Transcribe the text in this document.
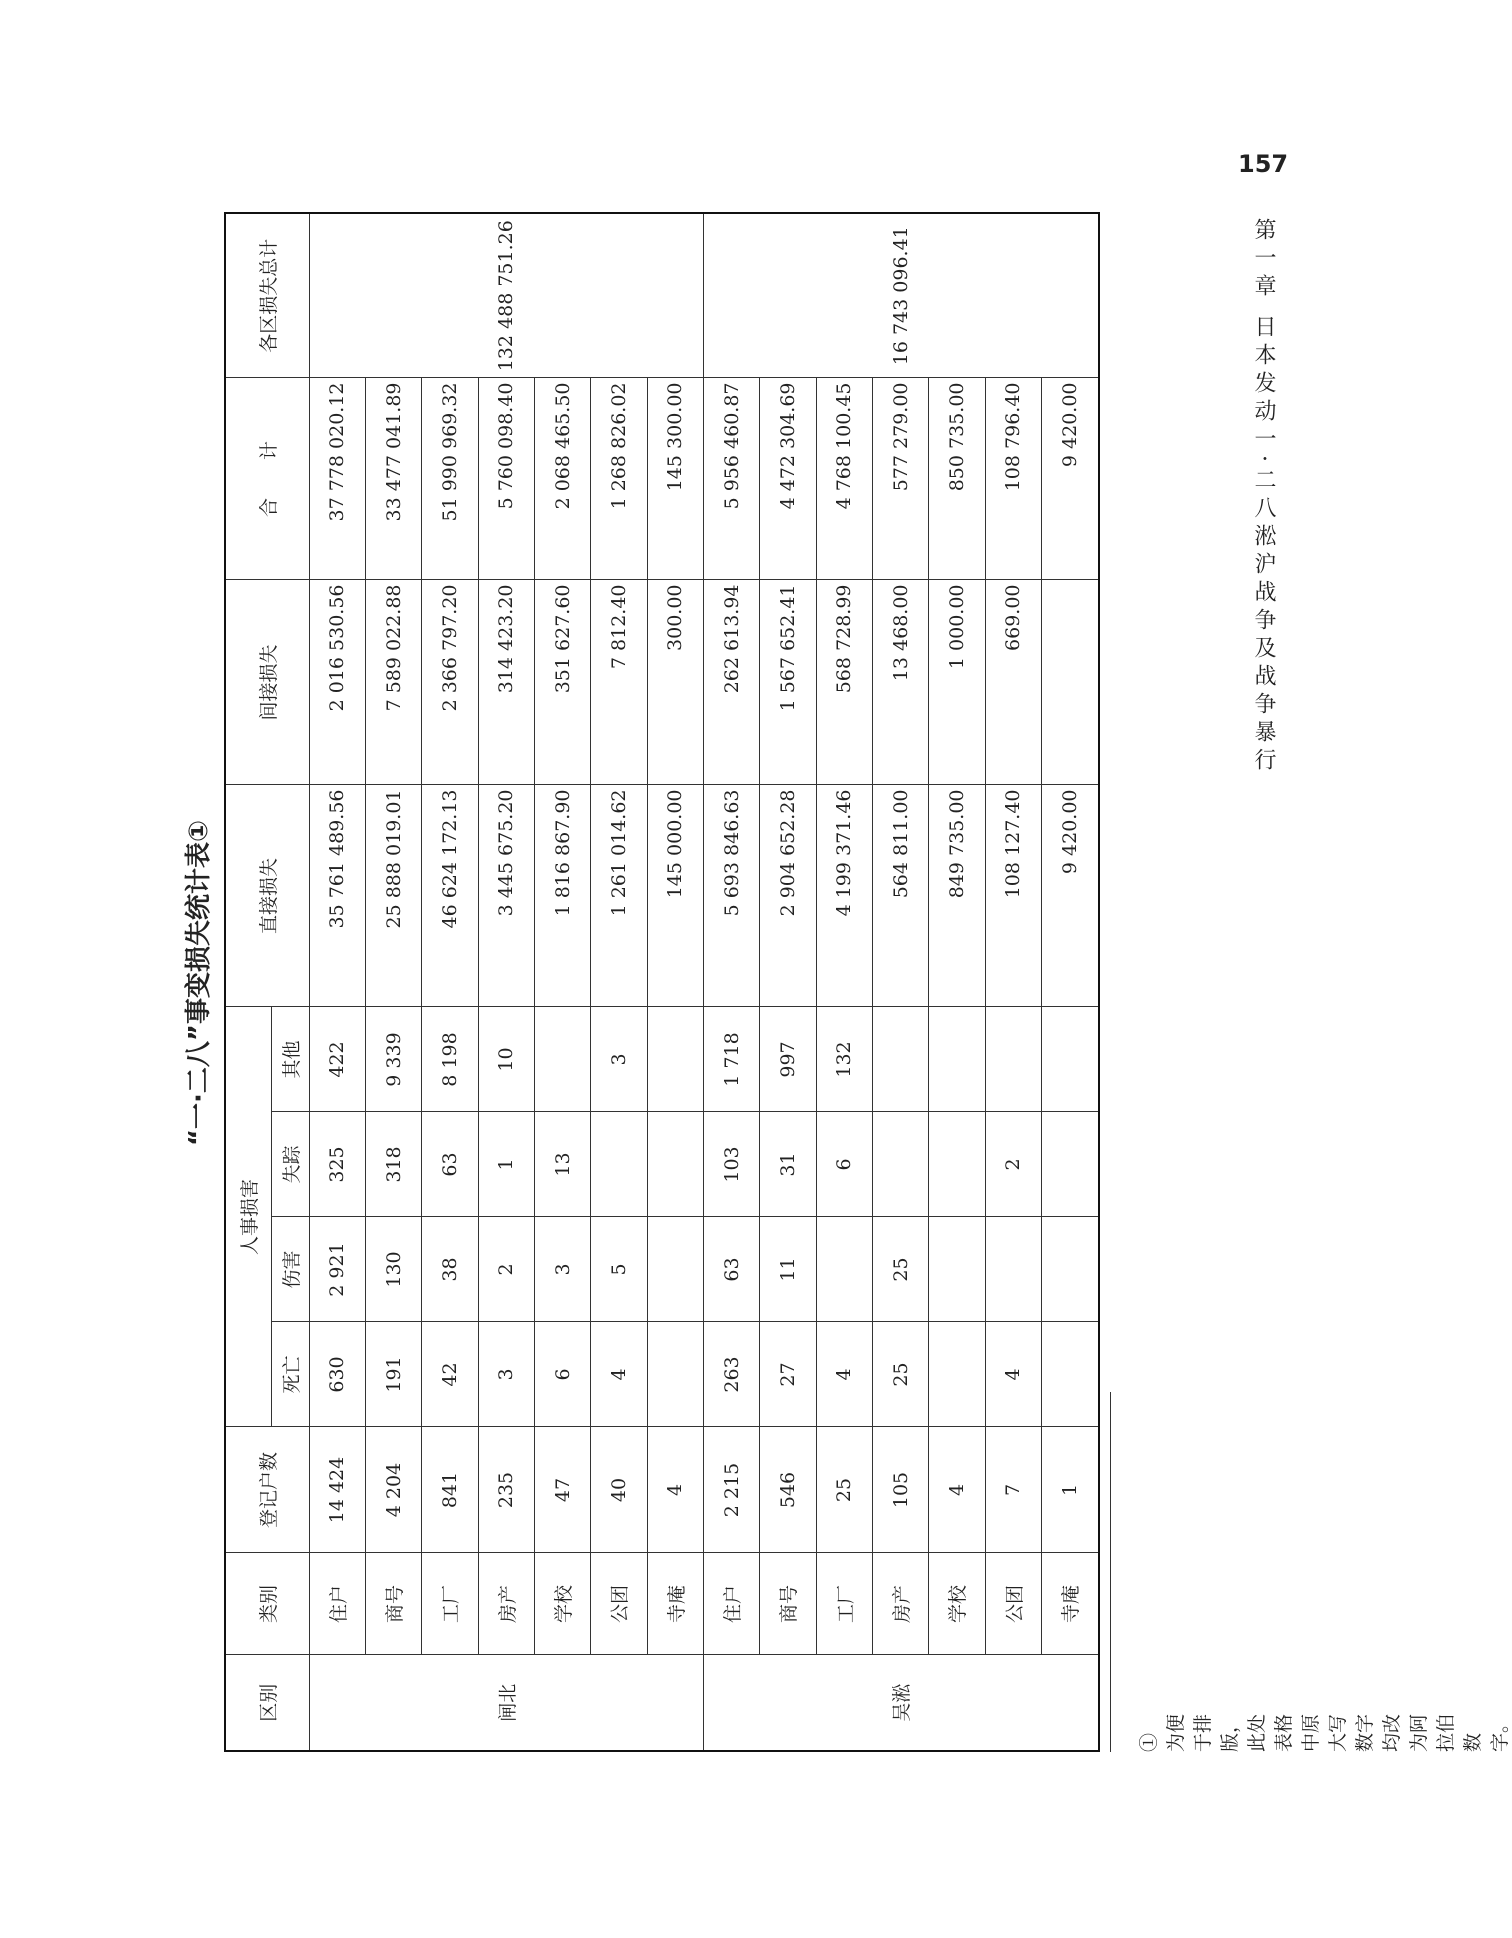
157
第一章 日本发动一·二八淞沪战争及战争暴行
“一·二八”事变损失统计表①
区别	类别	登记户数	人事损害				直接损失	间接损失	合　　计	各区损失总计
			死亡	伤害	失踪	其他				
闸北	住户	14 424	630	2 921	325	422	35 761 489.56	2 016 530.56	37 778 020.12	132 488 751.26
	商号	4 204	191	130	318	9 339	25 888 019.01	7 589 022.88	33 477 041.89	
	工厂	841	42	38	63	8 198	46 624 172.13	2 366 797.20	51 990 969.32	
	房产	235	3	2	1	10	3 445 675.20	314 423.20	5 760 098.40	
	学校	47	6	3	13		1 816 867.90	351 627.60	2 068 465.50	
	公团	40	4	5		3	1 261 014.62	7 812.40	1 268 826.02	
	寺庵	4					145 000.00	300.00	145 300.00	
吴淞	住户	2 215	263	63	103	1 718	5 693 846.63	262 613.94	5 956 460.87	16 743 096.41
	商号	546	27	11	31	997	2 904 652.28	1 567 652.41	4 472 304.69	
	工厂	25	4		6	132	4 199 371.46	568 728.99	4 768 100.45	
	房产	105	25	25			564 811.00	13 468.00	577 279.00	
	学校	4					849 735.00	1 000.00	850 735.00	
	公团	7	4		2		108 127.40	669.00	108 796.40	
	寺庵	1					9 420.00		9 420.00	
①　为便于排版，此处表格中原大写数字均改为阿拉伯数字。
